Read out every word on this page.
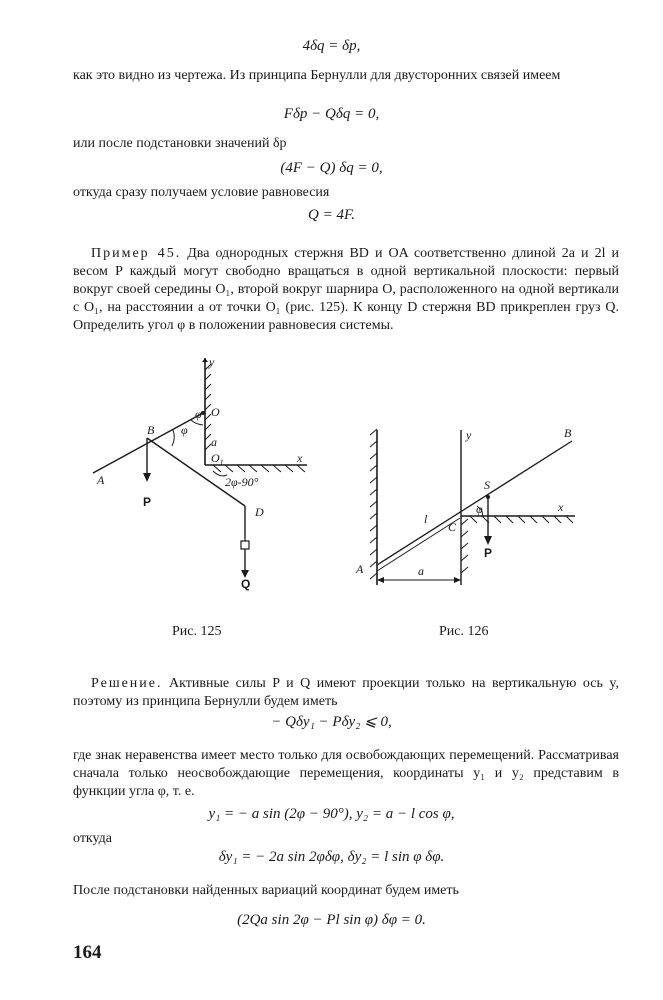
4δq = δp,
как это видно из чертежа. Из принципа Бернулли для двусторонних связей имеем
Fδp − Qδq = 0,
или после подстановки значений δp
(4F − Q) δq = 0,
откуда сразу получаем условие равновесия
Q = 4F.
Пример 45. Два однородных стержня BD и OA соответственно длиной 2a и 2l и весом P каждый могут свободно вращаться в одной вертикальной плоскости: первый вокруг своей середины O₁, второй вокруг шарнира O, расположенного на одной вертикали с O₁, на расстоянии a от точки O₁ (рис. 125). К концу D стержня BD прикреплен груз Q. Определить угол φ в положении равновесия системы.
y
O
B φ
φ
a
$O_1$	x
A
P
2φ-90°
D
Q
y	B
S
x
l
C
φ
A
P
a
Рис. 125	Рис. 126
Решение. Активные силы P и Q имеют проекции только на вертикальную ось y, поэтому из принципа Бернулли будем иметь
− Qδy₁ − Pδy₂ ⩽ 0,
где знак неравенства имеет место только для освобождающих перемещений. Рассматривая сначала только неосвобождающие перемещения, координаты y₁ и y₂ представим в функции угла φ, т. е.
y₁ = − a sin (2φ − 90°), y₂ = a − l cos φ,
откуда
δy₁ = − 2a sin 2φδφ, δy₂ = l sin φ δφ.
После подстановки найденных вариаций координат будем иметь
(2Qa sin 2φ − Pl sin φ) δφ = 0.
164
